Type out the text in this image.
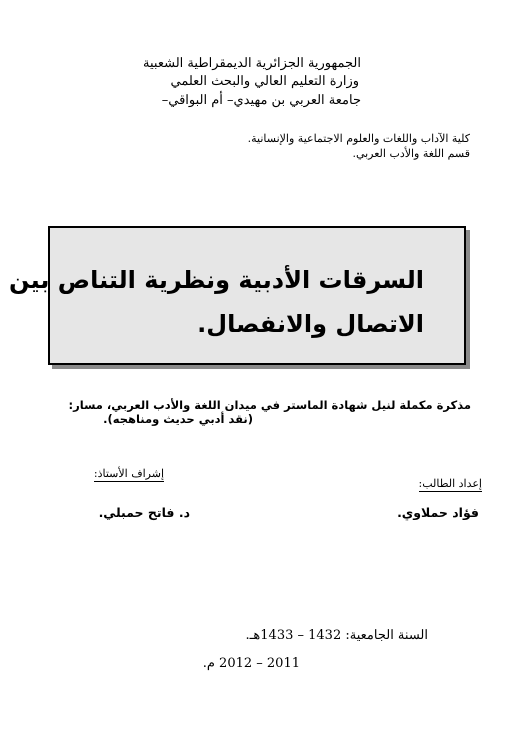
الجمهورية الجزائرية الديمقراطية الشعبية
وزارة التعليم العالي والبحث العلمي
جامعة العربي بن مهيدي– أم البواقي–
كلية الآداب واللغات والعلوم الاجتماعية والإنسانية.
قسم اللغة والأدب العربي.
السرقات الأدبية ونظرية التناص بين
الاتصال والانفصال.
مذكرة مكملة لنيل شهادة الماستر في ميدان اللغة والأدب العربي، مسار:
(نقد أدبي حديث ومناهجه).
إعداد الطالب:
فؤاد حملاوي.
إشراف الأستاذ:
د. فاتح حمبلي.
السنة الجامعية: 1432 – 1433هـ.
2011 – 2012 م.
